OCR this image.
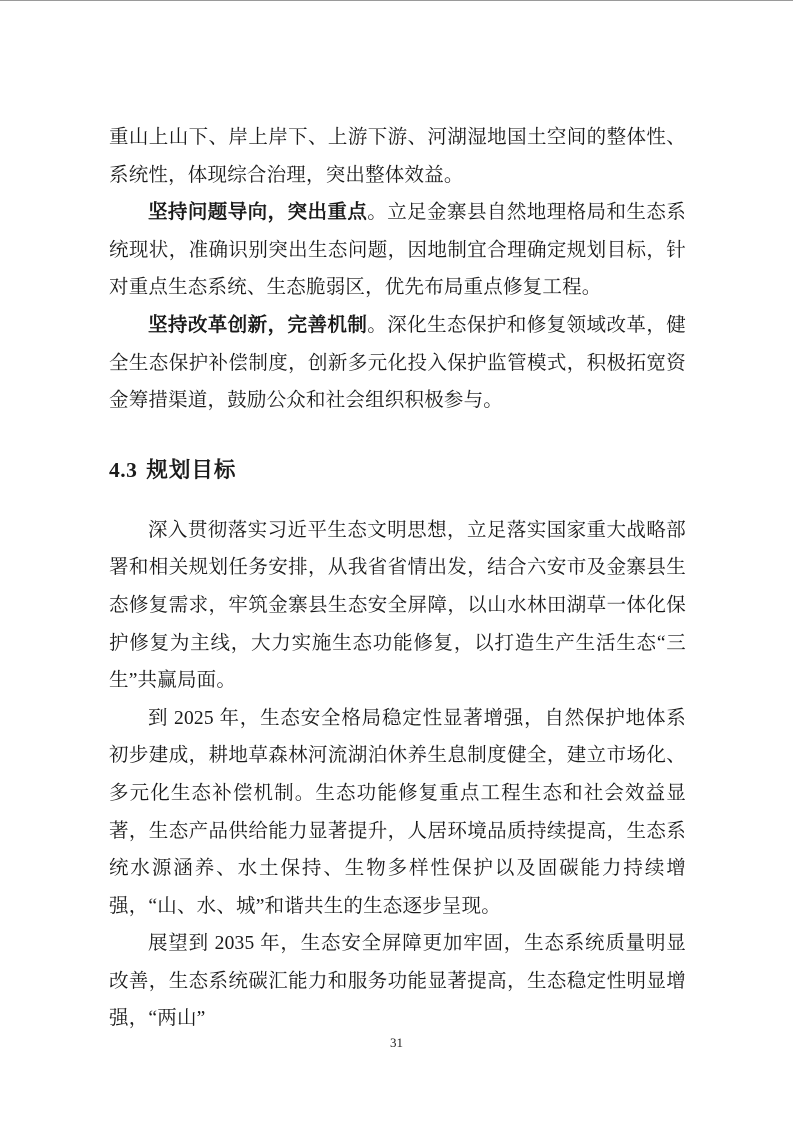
重山上山下、岸上岸下、上游下游、河湖湿地国土空间的整体性、系统性，体现综合治理，突出整体效益。

坚持问题导向，突出重点。立足金寨县自然地理格局和生态系统现状，准确识别突出生态问题，因地制宜合理确定规划目标，针对重点生态系统、生态脆弱区，优先布局重点修复工程。

坚持改革创新，完善机制。深化生态保护和修复领域改革，健全生态保护补偿制度，创新多元化投入保护监管模式，积极拓宽资金筹措渠道，鼓励公众和社会组织积极参与。

4.3 规划目标

深入贯彻落实习近平生态文明思想，立足落实国家重大战略部署和相关规划任务安排，从我省省情出发，结合六安市及金寨县生态修复需求，牢筑金寨县生态安全屏障，以山水林田湖草一体化保护修复为主线，大力实施生态功能修复，以打造生产生活生态“三生”共赢局面。

到 2025 年，生态安全格局稳定性显著增强，自然保护地体系初步建成，耕地草森林河流湖泊休养生息制度健全，建立市场化、多元化生态补偿机制。生态功能修复重点工程生态和社会效益显著，生态产品供给能力显著提升，人居环境品质持续提高，生态系统水源涵养、水土保持、生物多样性保护以及固碳能力持续增强，“山、水、城”和谐共生的生态逐步呈现。

展望到 2035 年，生态安全屏障更加牢固，生态系统质量明显改善，生态系统碳汇能力和服务功能显著提高，生态稳定性明显增强，“两山”

31
